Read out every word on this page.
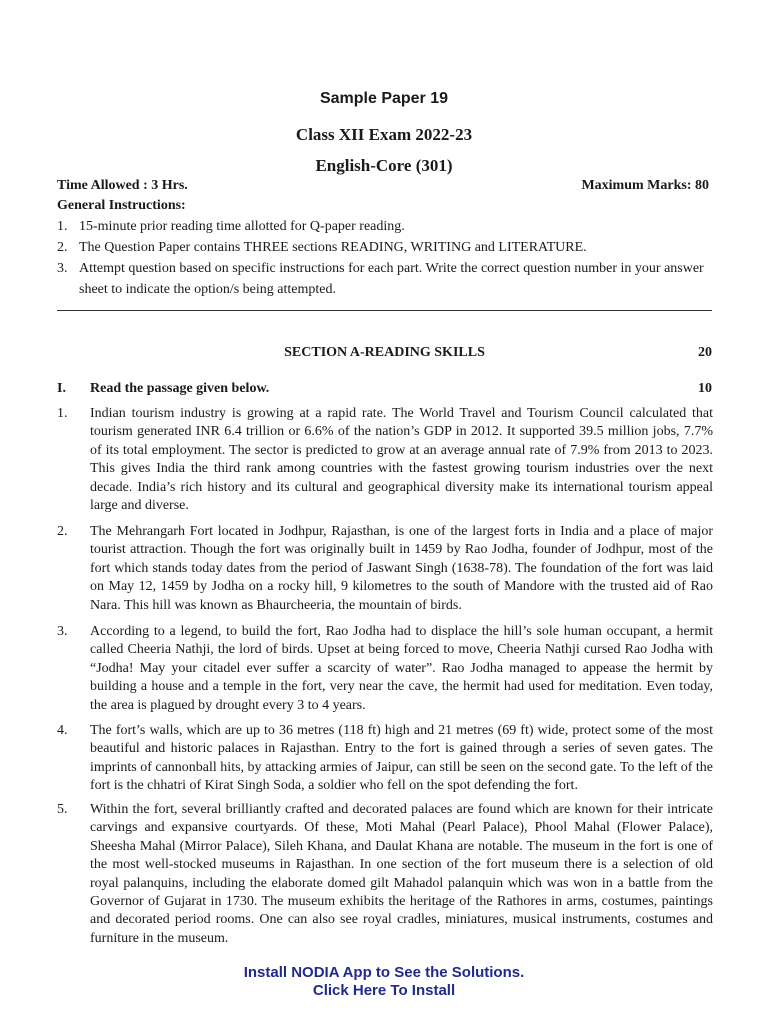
Sample Paper 19
Class XII Exam 2022-23
English-Core (301)
Time Allowed : 3 Hrs.	Maximum Marks: 80
General Instructions:
1. 15-minute prior reading time allotted for Q-paper reading.
2. The Question Paper contains THREE sections READING, WRITING and LITERATURE.
3. Attempt question based on specific instructions for each part. Write the correct question number in your answer sheet to indicate the option/s being attempted.
SECTION A-READING SKILLS	20
I. Read the passage given below.	10
1. Indian tourism industry is growing at a rapid rate. The World Travel and Tourism Council calculated that tourism generated INR 6.4 trillion or 6.6% of the nation’s GDP in 2012. It supported 39.5 million jobs, 7.7% of its total employment. The sector is predicted to grow at an average annual rate of 7.9% from 2013 to 2023. This gives India the third rank among countries with the fastest growing tourism industries over the next decade. India’s rich history and its cultural and geographical diversity make its international tourism appeal large and diverse.
2. The Mehrangarh Fort located in Jodhpur, Rajasthan, is one of the largest forts in India and a place of major tourist attraction. Though the fort was originally built in 1459 by Rao Jodha, founder of Jodhpur, most of the fort which stands today dates from the period of Jaswant Singh (1638-78). The foundation of the fort was laid on May 12, 1459 by Jodha on a rocky hill, 9 kilometres to the south of Mandore with the trusted aid of Rao Nara. This hill was known as Bhaurcheeria, the mountain of birds.
3. According to a legend, to build the fort, Rao Jodha had to displace the hill’s sole human occupant, a hermit called Cheeria Nathji, the lord of birds. Upset at being forced to move, Cheeria Nathji cursed Rao Jodha with “Jodha! May your citadel ever suffer a scarcity of water”. Rao Jodha managed to appease the hermit by building a house and a temple in the fort, very near the cave, the hermit had used for meditation. Even today, the area is plagued by drought every 3 to 4 years.
4. The fort’s walls, which are up to 36 metres (118 ft) high and 21 metres (69 ft) wide, protect some of the most beautiful and historic palaces in Rajasthan. Entry to the fort is gained through a series of seven gates. The imprints of cannonball hits, by attacking armies of Jaipur, can still be seen on the second gate. To the left of the fort is the chhatri of Kirat Singh Soda, a soldier who fell on the spot defending the fort.
5. Within the fort, several brilliantly crafted and decorated palaces are found which are known for their intricate carvings and expansive courtyards. Of these, Moti Mahal (Pearl Palace), Phool Mahal (Flower Palace), Sheesha Mahal (Mirror Palace), Sileh Khana, and Daulat Khana are notable. The museum in the fort is one of the most well-stocked museums in Rajasthan. In one section of the fort museum there is a selection of old royal palanquins, including the elaborate domed gilt Mahadol palanquin which was won in a battle from the Governor of Gujarat in 1730. The museum exhibits the heritage of the Rathores in arms, costumes, paintings and decorated period rooms. One can also see royal cradles, miniatures, musical instruments, costumes and furniture in the museum.
Install NODIA App to See the Solutions.
Click Here To Install
